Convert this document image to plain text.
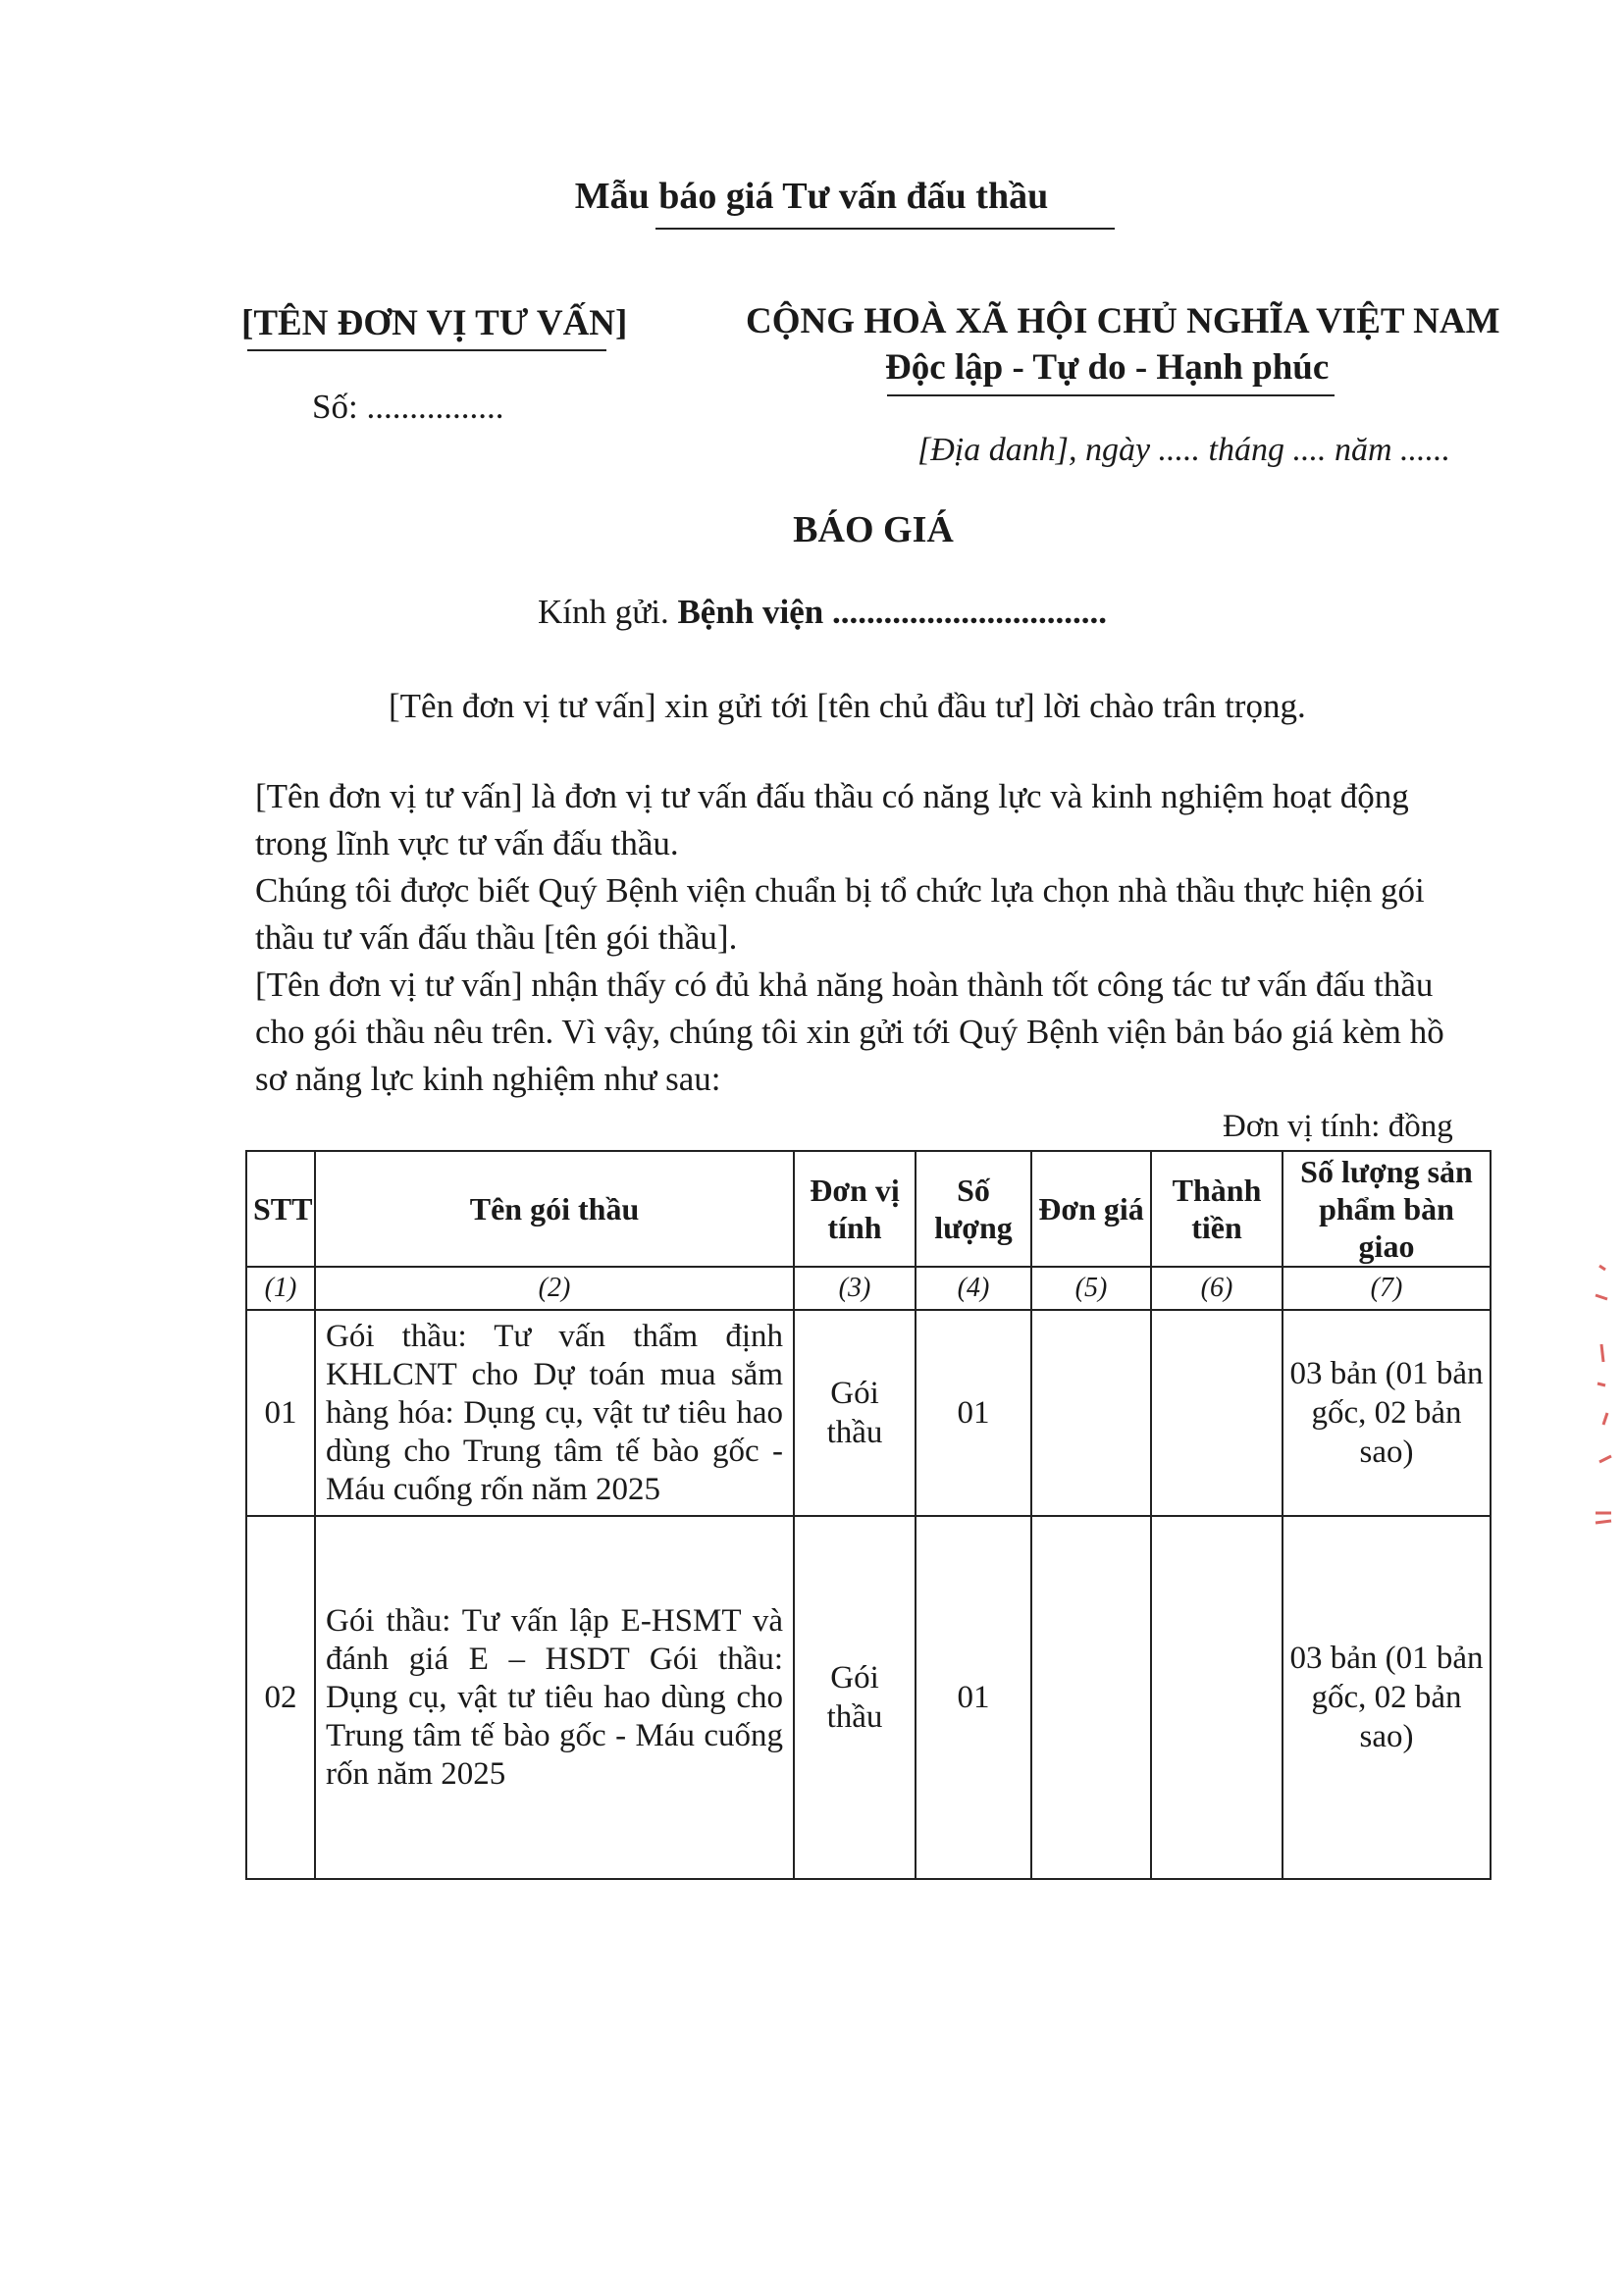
Mẫu báo giá Tư vấn đấu thầu
[TÊN ĐƠN VỊ TƯ VẤN]
Số: ................
CỘNG HOÀ XÃ HỘI CHỦ NGHĨA VIỆT NAM
Độc lập - Tự do - Hạnh phúc
[Địa danh], ngày ..... tháng .... năm ......
BÁO GIÁ
Kính gửi. Bệnh viện ................................
[Tên đơn vị tư vấn] xin gửi tới [tên chủ đầu tư] lời chào trân trọng.

[Tên đơn vị tư vấn] là đơn vị tư vấn đấu thầu có năng lực và kinh nghiệm hoạt động trong lĩnh vực tư vấn đấu thầu.

Chúng tôi được biết Quý Bệnh viện chuẩn bị tổ chức lựa chọn nhà thầu thực hiện gói thầu tư vấn đấu thầu [tên gói thầu].

[Tên đơn vị tư vấn] nhận thấy có đủ khả năng hoàn thành tốt công tác tư vấn đấu thầu cho gói thầu nêu trên. Vì vậy, chúng tôi xin gửi tới Quý Bệnh viện bản báo giá kèm hồ sơ năng lực kinh nghiệm như sau:

Đơn vị tính: đồng
STT	Tên gói thầu	Đơn vị tính	Số lượng	Đơn giá	Thành tiền	Số lượng sản phẩm bàn giao
(1)	(2)	(3)	(4)	(5)	(6)	(7)
01	Gói thầu: Tư vấn thẩm định KHLCNT cho Dự toán mua sắm hàng hóa: Dụng cụ, vật tư tiêu hao dùng cho Trung tâm tế bào gốc - Máu cuống rốn năm 2025	Gói thầu	01			03 bản (01 bản gốc, 02 bản sao)
02	Gói thầu: Tư vấn lập E-HSMT và đánh giá E – HSDT Gói thầu: Dụng cụ, vật tư tiêu hao dùng cho Trung tâm tế bào gốc - Máu cuống rốn năm 2025	Gói thầu	01			03 bản (01 bản gốc, 02 bản sao)
